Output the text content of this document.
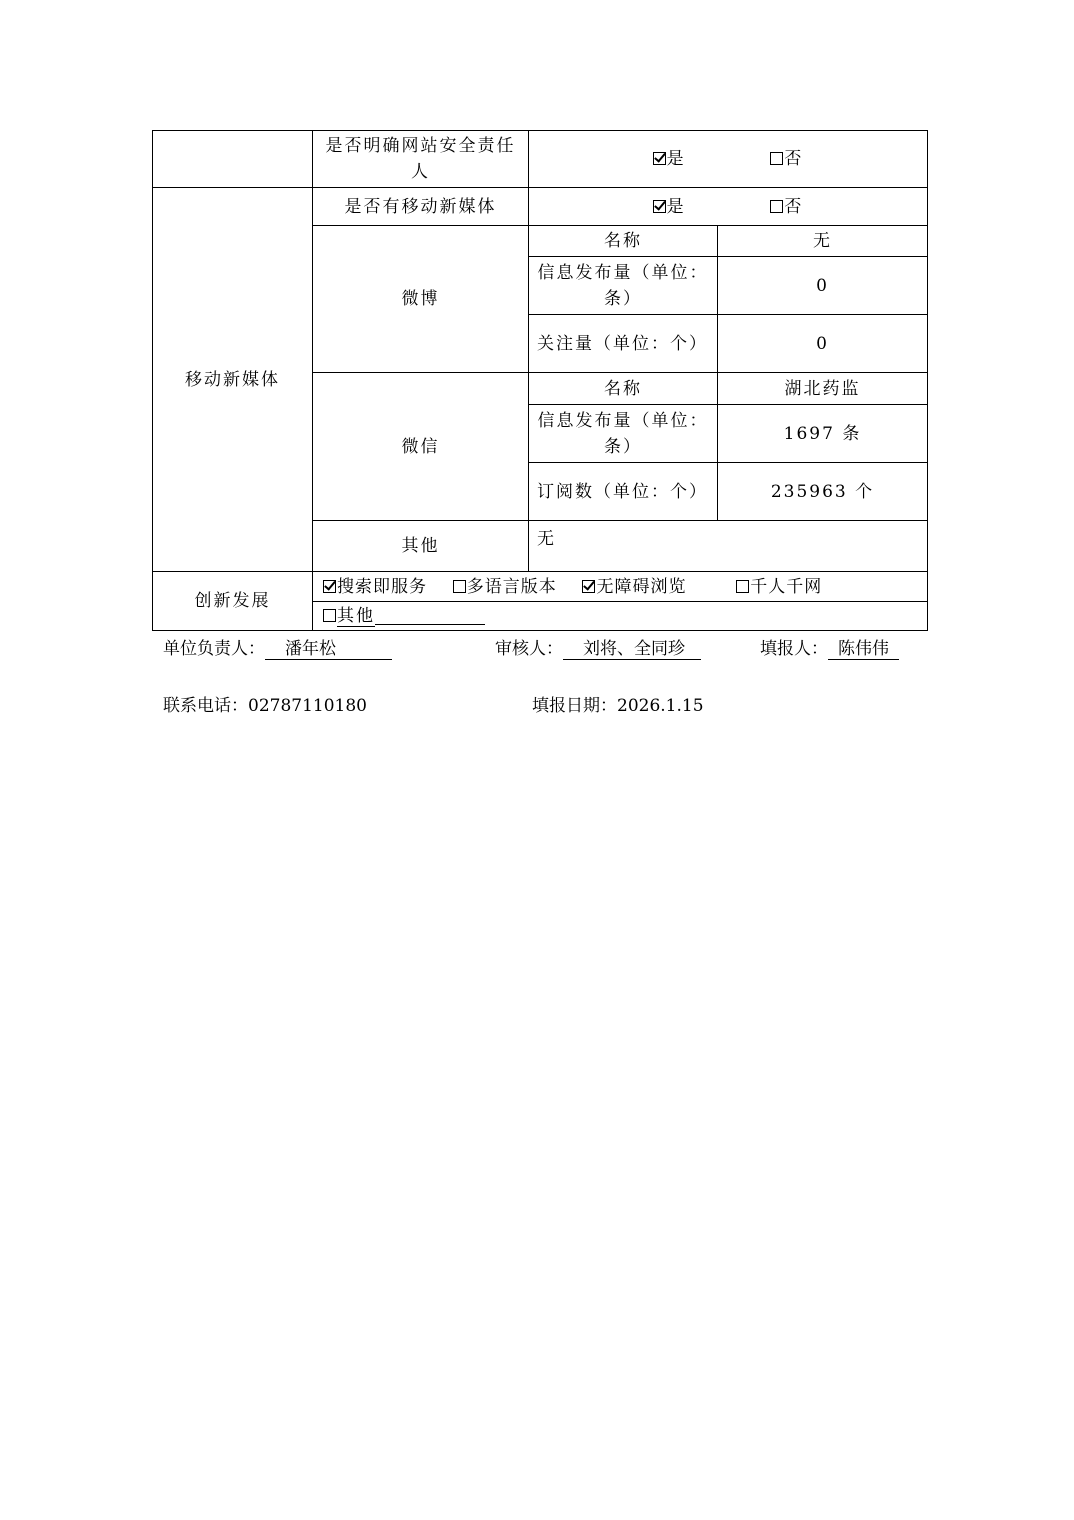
	是否明确网站安全责任人	是 否	
移动新媒体	是否有移动新媒体	是 否	
	微博	名称	无
		信息发布量（单位：条）	0
		关注量（单位：个）	0
	微信	名称	湖北药监
		信息发布量（单位：条）	1697 条
		订阅数（单位：个）	235963 个
	其他	无	
创新发展	搜索即服务 多语言版本 无障碍浏览 千人千网		
	其他		
单位负责人： 潘年松	审核人： 刘将、全同珍	填报人： 陈伟伟
联系电话：02787110180	填报日期：2026.1.15
